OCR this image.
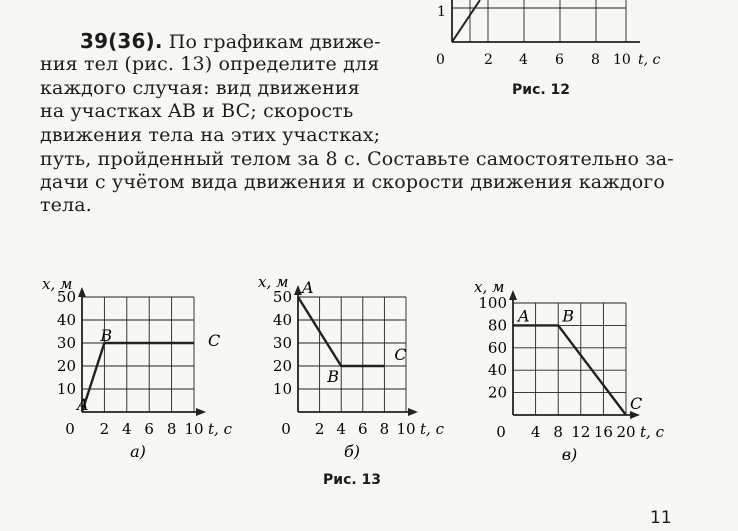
39(36). По графикам движе-
ния тел (рис. 13) определите для
каждого случая: вид движения
на участках AB и BC; скорость
движения тела на этих участках;
путь, пройденный телом за 8 с. Составьте самостоятельно за-
дачи с учётом вида движения и скорости движения каждого
тела.
1
0	2 4 6 8 10 t, с
Рис. 12
10
20
30
40
50
0 2 4 6 8 10
x, м
t, с
A
B	C
а)
10
20
30
40
50
0 2 4 6 8 10
x, м
t, с
A
B
C
б)
20
40
60
80
100
0 4 8 12 16 20
x, м
t, с
A B
C
в)
Рис. 13
11
